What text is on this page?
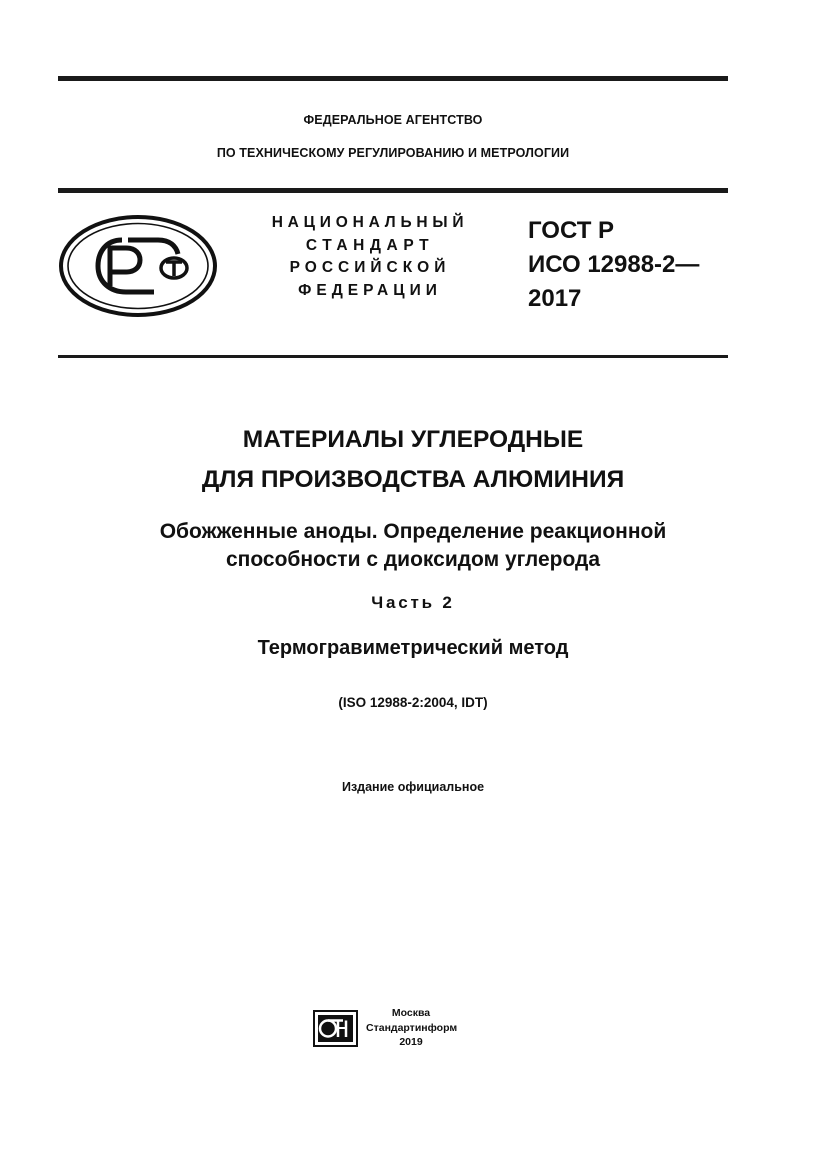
ФЕДЕРАЛЬНОЕ АГЕНТСТВО
ПО ТЕХНИЧЕСКОМУ РЕГУЛИРОВАНИЮ И МЕТРОЛОГИИ
НАЦИОНАЛЬНЫЙ
СТАНДАРТ
РОССИЙСКОЙ
ФЕДЕРАЦИИ
ГОСТ Р
ИСО 12988-2—
2017
МАТЕРИАЛЫ УГЛЕРОДНЫЕ
ДЛЯ ПРОИЗВОДСТВА АЛЮМИНИЯ
Обожженные аноды. Определение реакционной
способности с диоксидом углерода
Часть 2
Термогравиметрический метод
(ISO 12988-2:2004, IDT)
Издание официальное
Москва
Стандартинформ
2019
